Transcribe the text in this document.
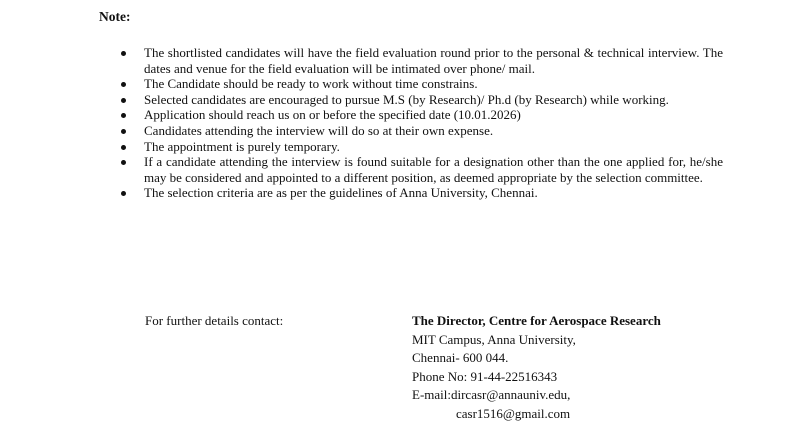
Note:
The shortlisted candidates will have the field evaluation round prior to the personal & technical interview. The dates and venue for the field evaluation will be intimated over phone/ mail.
The Candidate should be ready to work without time constrains.
Selected candidates are encouraged to pursue M.S (by Research)/ Ph.d (by Research) while working.
Application should reach us on or before the specified date (10.01.2026)
Candidates attending the interview will do so at their own expense.
The appointment is purely temporary.
If a candidate attending the interview is found suitable for a designation other than the one applied for, he/she may be considered and appointed to a different position, as deemed appropriate by the selection committee.
The selection criteria are as per the guidelines of Anna University, Chennai.
For further details contact:	The Director, Centre for Aerospace Research
MIT Campus, Anna University,
Chennai- 600 044.
Phone No: 91-44-22516343
E-mail:dircasr@annauniv.edu,
casr1516@gmail.com
